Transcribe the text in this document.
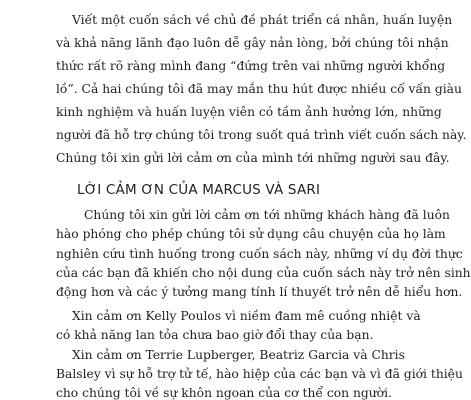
Viết một cuốn sách về chủ đề phát triển cá nhân, huấn luyện
và khả năng lãnh đạo luôn dễ gây nản lòng, bởi chúng tôi nhận
thức rất rõ ràng mình đang “đứng trên vai những người khổng
lồ”. Cả hai chúng tôi đã may mắn thu hút được nhiều cố vấn giàu
kinh nghiệm và huấn luyện viên có tầm ảnh hưởng lớn, những
người đã hỗ trợ chúng tôi trong suốt quá trình viết cuốn sách này.
Chúng tôi xin gửi lời cảm ơn của mình tới những người sau đây.
LỜI CẢM ƠN CỦA MARCUS VÀ SARI
Chúng tôi xin gửi lời cảm ơn tới những khách hàng đã luôn
hào phóng cho phép chúng tôi sử dụng câu chuyện của họ làm
nghiên cứu tình huống trong cuốn sách này, những ví dụ đời thực
của các bạn đã khiến cho nội dung của cuốn sách này trở nên sinh
động hơn và các ý tưởng mang tính lí thuyết trở nên dễ hiểu hơn.
Xin cảm ơn Kelly Poulos vì niềm đam mê cuồng nhiệt và
có khả năng lan tỏa chưa bao giờ đổi thay của bạn.
Xin cảm ơn Terrie Lupberger, Beatriz Garcia và Chris
Balsley vì sự hỗ trợ tử tế, hào hiệp của các bạn và vì đã giới thiệu
cho chúng tôi về sự khôn ngoan của cơ thể con người.
